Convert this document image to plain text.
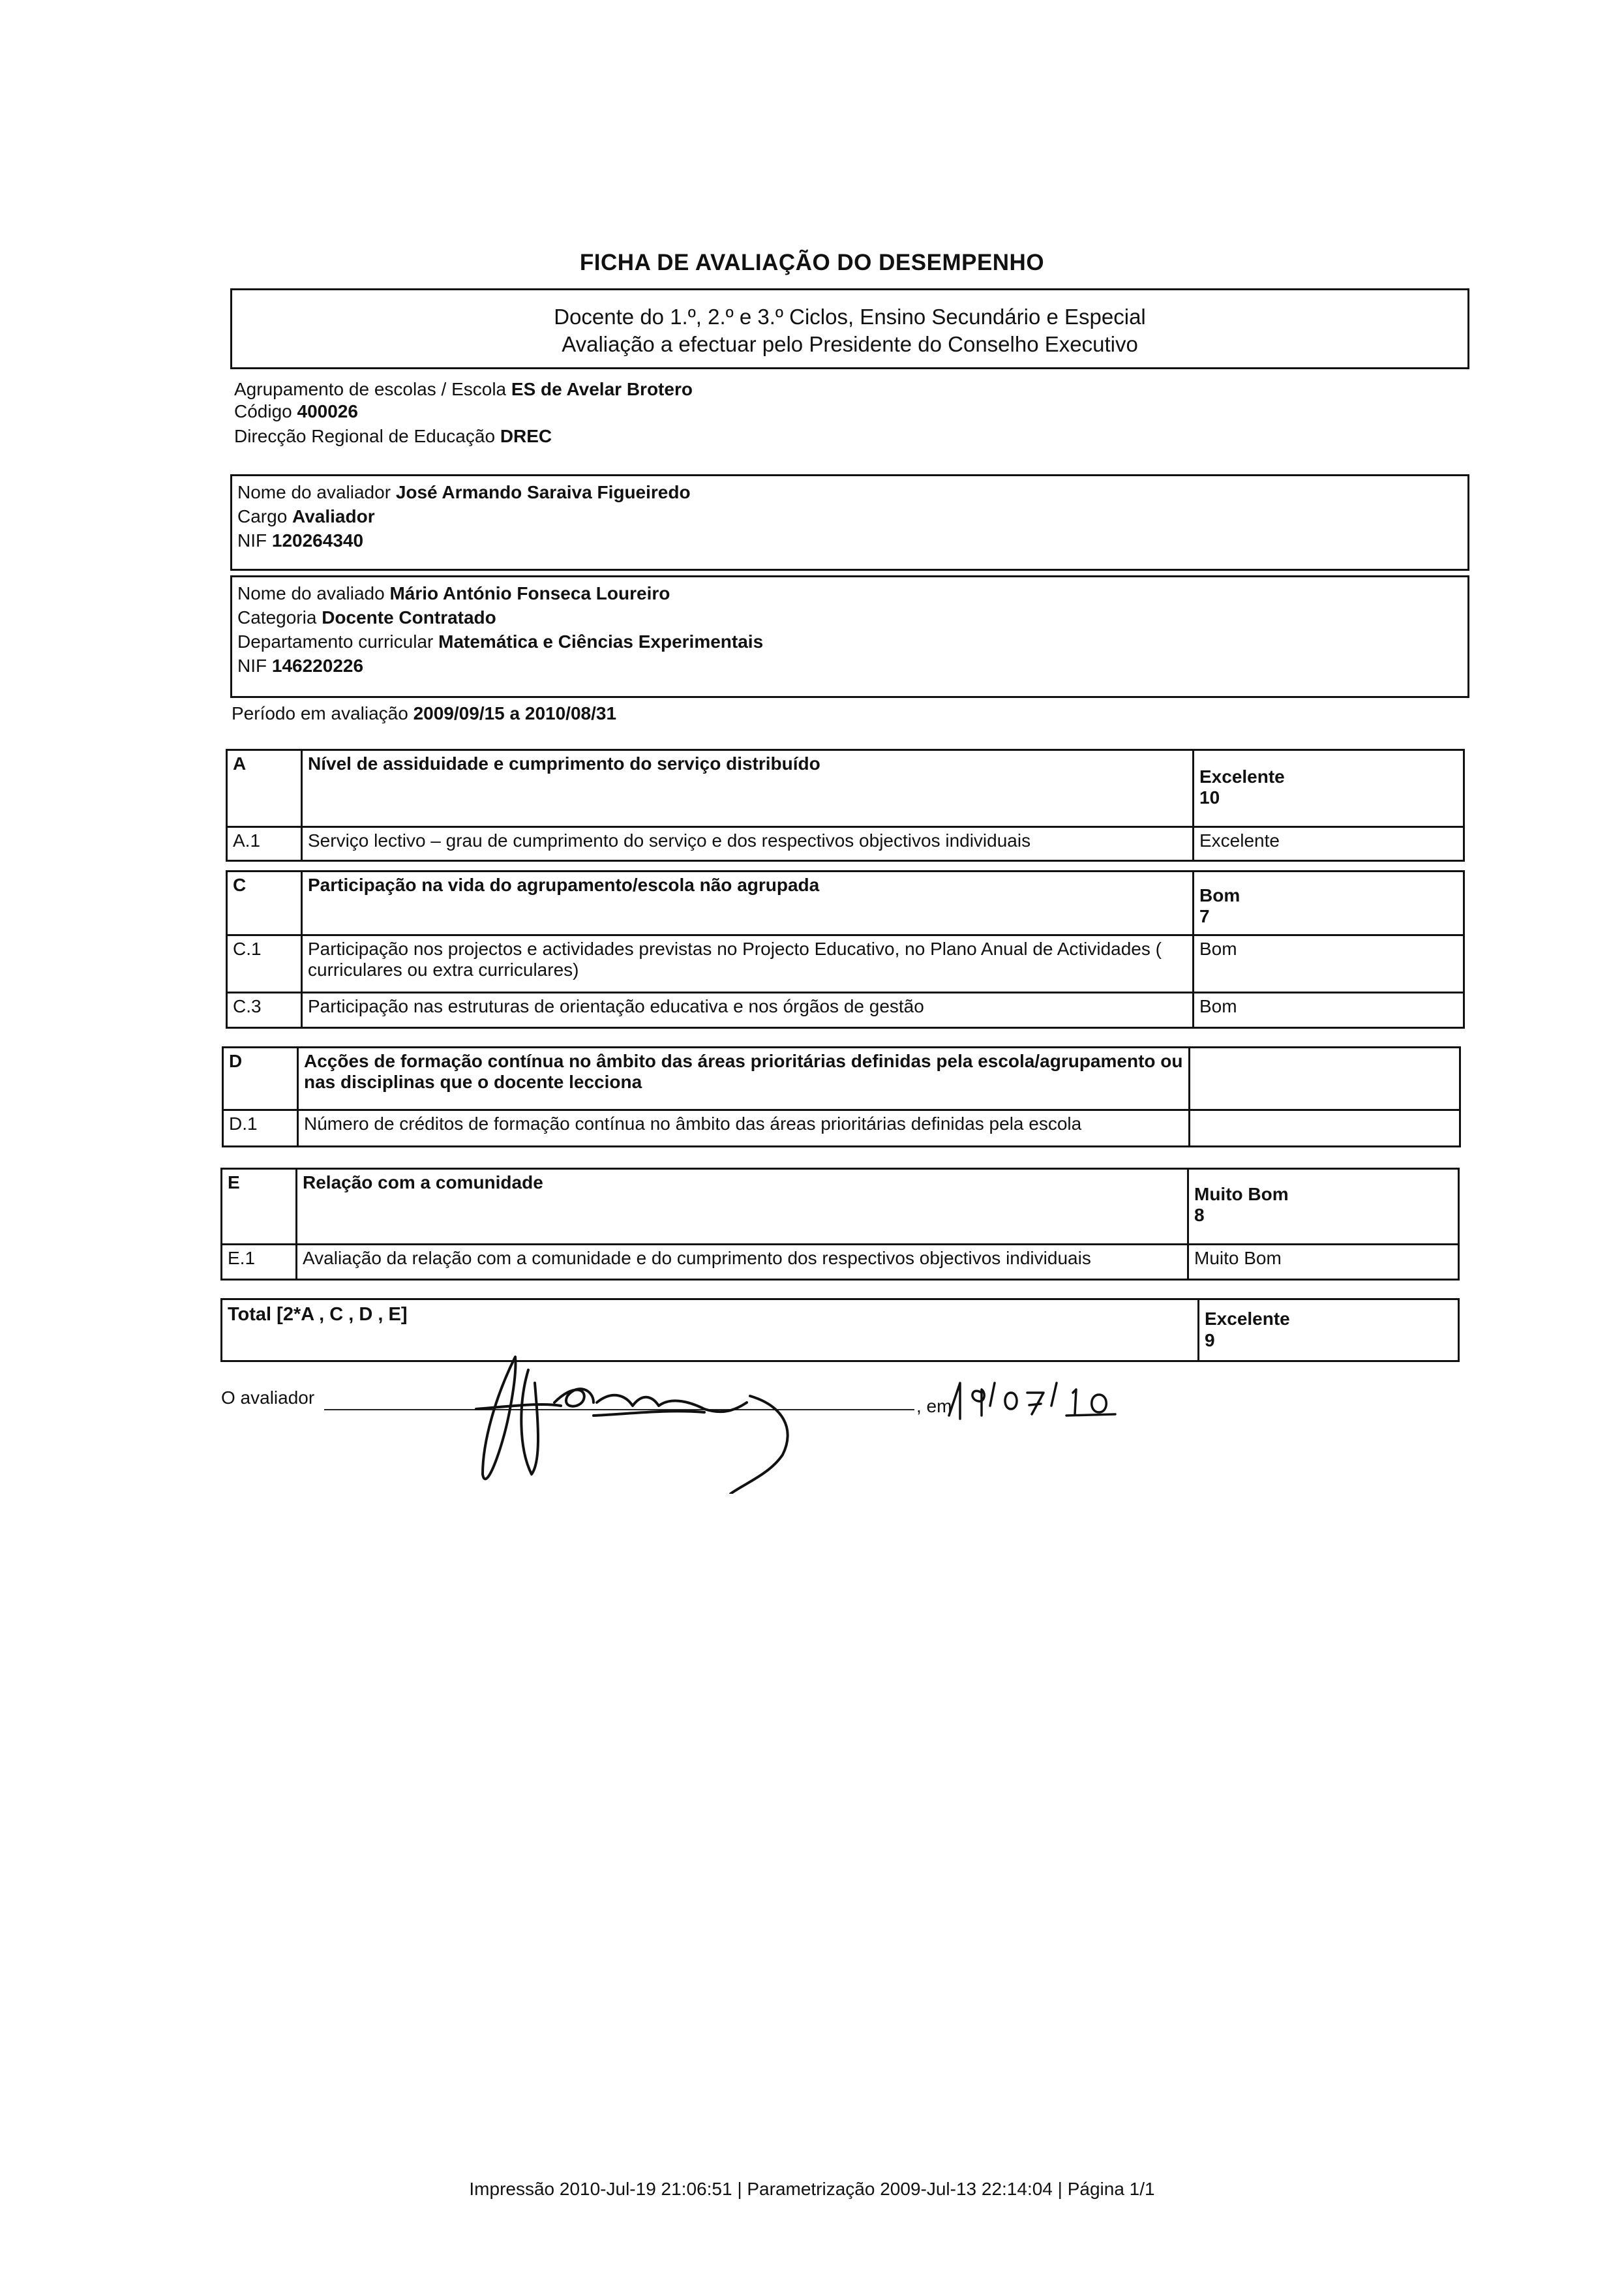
FICHA DE AVALIAÇÃO DO DESEMPENHO
Docente do 1.º, 2.º e 3.º Ciclos, Ensino Secundário e Especial
Avaliação a efectuar pelo Presidente do Conselho Executivo
Agrupamento de escolas / Escola ES de Avelar Brotero
Código 400026
Direcção Regional de Educação DREC
Nome do avaliador José Armando Saraiva Figueiredo
Cargo Avaliador
NIF 120264340
Nome do avaliado Mário António Fonseca Loureiro
Categoria Docente Contratado
Departamento curricular Matemática e Ciências Experimentais
NIF 146220226
Período em avaliação 2009/09/15 a 2010/08/31
A	Nível de assiduidade e cumprimento do serviço distribuído	Excelente
10

A.1	Serviço lectivo – grau de cumprimento do serviço e dos respectivos objectivos individuais	Excelente
C	Participação na vida do agrupamento/escola não agrupada	Bom
7

C.1	Participação nos projectos e actividades previstas no Projecto Educativo, no Plano Anual de Actividades ( curriculares ou extra curriculares)	Bom
C.3	Participação nas estruturas de orientação educativa e nos órgãos de gestão	Bom
D	Acções de formação contínua no âmbito das áreas prioritárias definidas pela escola/agrupamento ou nas disciplinas que o docente lecciona	

D.1	Número de créditos de formação contínua no âmbito das áreas prioritárias definidas pela escola	
E	Relação com a comunidade	Muito Bom
8

E.1	Avaliação da relação com a comunidade e do cumprimento dos respectivos objectivos individuais	Muito Bom
Total [2*A , C , D , E]	Excelente
9
O avaliador	, em
Impressão 2010-Jul-19 21:06:51 | Parametrização 2009-Jul-13 22:14:04 | Página 1/1
